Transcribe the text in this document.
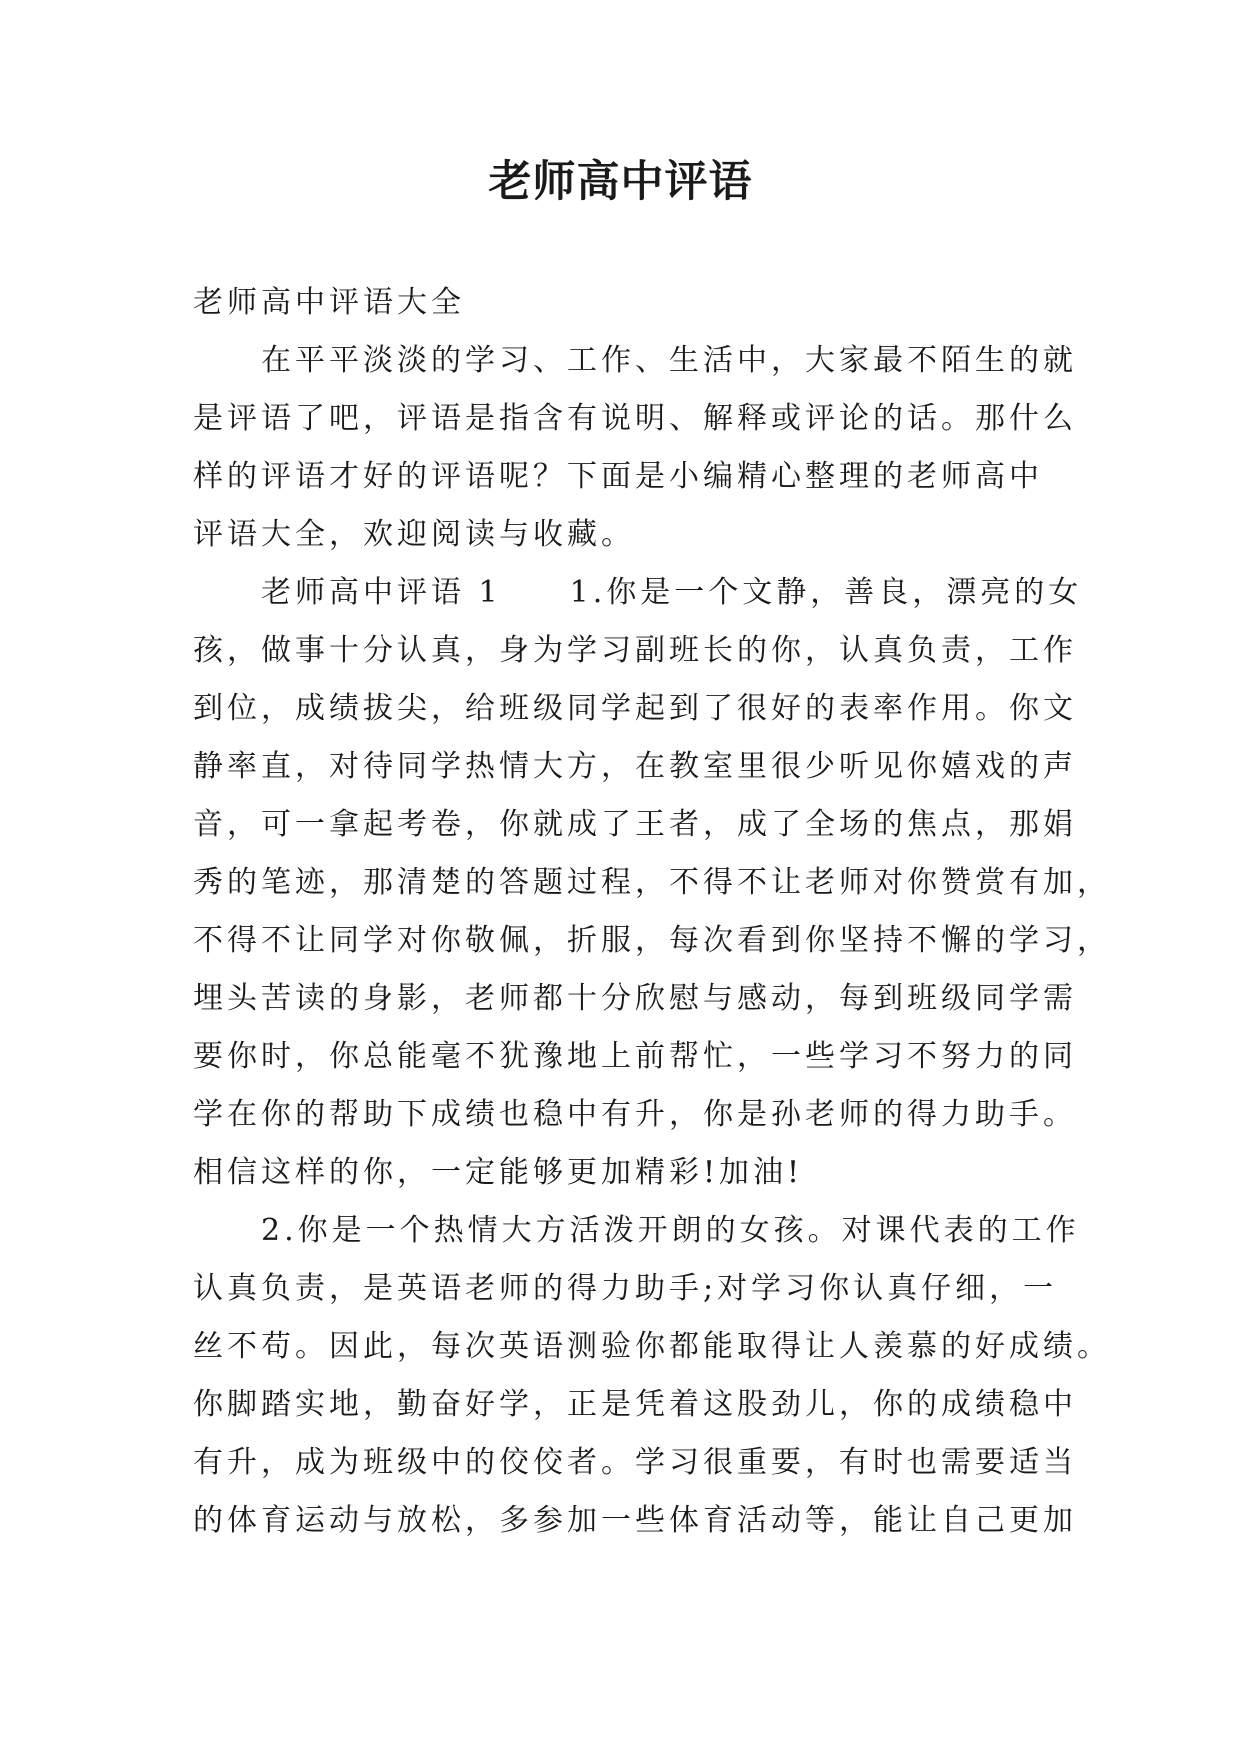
老师高中评语

老师高中评语大全

　　在平平淡淡的学习、工作、生活中，大家最不陌生的就

是评语了吧，评语是指含有说明、解释或评论的话。那什么

样的评语才好的评语呢？下面是小编精心整理的老师高中

评语大全，欢迎阅读与收藏。

　　老师高中评语 1　　1.你是一个文静，善良，漂亮的女

孩，做事十分认真，身为学习副班长的你，认真负责，工作

到位，成绩拔尖，给班级同学起到了很好的表率作用。你文

静率直，对待同学热情大方，在教室里很少听见你嬉戏的声

音，可一拿起考卷，你就成了王者，成了全场的焦点，那娟

秀的笔迹，那清楚的答题过程，不得不让老师对你赞赏有加，

不得不让同学对你敬佩，折服，每次看到你坚持不懈的学习，

埋头苦读的身影，老师都十分欣慰与感动，每到班级同学需

要你时，你总能毫不犹豫地上前帮忙，一些学习不努力的同

学在你的帮助下成绩也稳中有升，你是孙老师的得力助手。

相信这样的你，一定能够更加精彩!加油!

　　2.你是一个热情大方活泼开朗的女孩。对课代表的工作

认真负责，是英语老师的得力助手;对学习你认真仔细，一

丝不苟。因此，每次英语测验你都能取得让人羡慕的好成绩。

你脚踏实地，勤奋好学，正是凭着这股劲儿，你的成绩稳中

有升，成为班级中的佼佼者。学习很重要，有时也需要适当

的体育运动与放松，多参加一些体育活动等，能让自己更加
